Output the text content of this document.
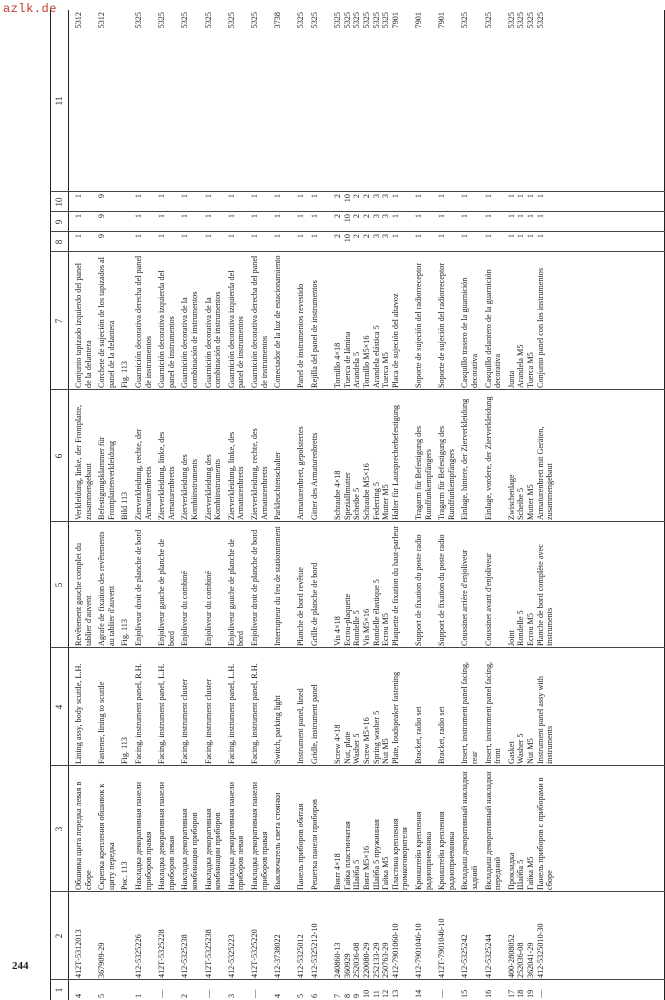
azlk.de
244
1
2
3
4
5
6
7
8
9
10
11
4
412Т-5312013
Обшивка щита передка левая в сборе
Lining assy, body scuttle, L.H.
Revêtement gauche complet du tablier d'auvent
Verkleidung, linke, der Frontplatte, zusammengebaut
Conjunto tapizado izquierdo del panel de la delantera
1
1
1
5312
5
367909-29
Скрепка крепления обшивок к щиту передка
Fastener, lining to scuttle
Agrafe de fixation des revêtements au tablier d'auvent
Befestigungsklammer für Frontplattenverkleidung
Corchete de sujeción de los tapizados al panel de la delantera
9
9
9
5312
Рис. 113
Fig. 113
Fig. 113
Bild 113
Fig. 113
1
412-5325226
Накладка декоративная панели приборов правая
Facing, instrument panel, R.H.
Enjoliveur droit de planche de bord
Zierverkleidung, rechte, der Armaturenbretts
Guarnición decorativa derecha del panel de instrumentos
1
1
1
5325
—
412Т-5325228
Накладка декоративная панели приборов левая
Facing, instrument panel, L.H.
Enjoliveur gauche de planche de bord
Zierverkleidung, linke, des Armaturenbretts
Guarnición decorativa izquierda del panel de instrumentos
1
1
1
5325
2
412-5325238
Накладка декоративная комбинации приборов
Facing, instrument cluster
Enjoliveur du combiné
Zierverkleidung des Kombiinstruments
Guarnición decorativa de la combinación de instrumentos
1
1
1
5325
—
412Т-5325238
Накладка декоративная комбинации приборов
Facing, instrument cluster
Enjoliveur du combiné
Zierverkleidung des Kombiinstruments
Guarnición decorativa de la combinación de instrumentos
1
1
1
5325
3
412-5325223
Накладка декоративная панели приборов левая
Facing, instrument panel, L.H.
Enjoliveur gauche de planche de bord
Zierverkleidung, linke, des Armaturenbretts
Guarnición decorativa izquierda del panel de instrumentos
1
1
1
5325
—
412Т-5325220
Накладка декоративная панели приборов правая
Facing, instrument panel, R.H.
Enjoliveur droit de planche de bord
Zierverkleidung, rechte, des Armaturenbretts
Guarnición decorativa derecha del panel de instrumentos
1
1
1
5325
4
412-3738022
Выключатель света стоянки
Switch, parking light
Interrupteur du feu de stationnement
Parkleuchtenschalter
Conectador de la luz de estacionamiento
1
1
1
3738
5
412-5325012
Панель приборов обитая
Instrument panel, lined
Planche de bord revêtue
Armaturenbrett, gepolstertes
Panel de instrumentos revestido
1
1
1
5325
6
412-5325212-10
Решетка панели приборов
Gridle, instrument panel
Grille de planche de bord
Gitter des Armaturenbretts
Rejilla del panel de instrumentos
1
1
1
5325
7
8
9
10
11
12
13
240860-13
360929
252036-08
220080-29
252133-29
250763-29
412-7901060-10
Винт 4×18
Гайка пластинчатая
Шайба 5
Винт М5×16
Шайба 5 пружинная
Гайка М5
Пластина крепления громкоговорителя
Screw 4×18
Nut, plate
Washer 5
Screw M5×16
Spring washer 5
Nut M5
Plate, loudspeaker fastening
Vis 4×18
Ecrou-plaquette
Rondelle 5
Vis M5×16
Rondelle élastique 5
Ecrou M5
Plaquette de fixation du haut-parleur
Schraube 4×18
Speziallmutter
Scheibe 5
Schraube M5×16
Federring 5
Mutter M5
Halter für Lautsprecherbefestigung
Tornillo 4×18
Tuerca de lámina
Arandela 5
Tornillo M5×16
Arandela elástica 5
Tuerca M5
Placa de sujeción del altavoz
2
10
2
2
3
3
1
2
10
2
2
3
3
1
2
10
2
2
3
3
1
5325
5325
5325
5325
5325
5325
7901
14
412-7901046-10
Кронштейн крепления радиоприемника
Bracket, radio set
Support de fixation du poste radio
Tragarm für Befestigung des Rundfunkempfängers
Soporte de sujeción del radiorreceptor
1
1
1
7901
—
412Т-7901046-10
Кронштейн крепления радиоприемника
Bracket, radio set
Support de fixation du poste radio
Tragarm für Befestigung des Rundfunkempfängers
Soporte de sujeción del radiorreceptor
1
1
1
7901
15
412-5325242
Вкладыш декоративный накладки задний
Insert, instrument panel facing, rear
Coussinet arrière d'enjoliveur
Einlage, hintere, der Zierverkleidung
Casquillo trasero de la guarnición decorativa
1
1
1
5325
16
412-5325244
Вкладыш декоративный накладки передний
Insert, instrument panel facing, front
Coussinet avant d'enjoliveur
Einlage, vordere, der Zierverkleidung
Casquillo delantero de la guarnición decorativa
1
1
1
5325
17
18
19
—
400-2808052
252036-08
362041-29
412-5325010-30
Прокладка
Шайба 5
Гайка М5
Панель приборов с приборами в сборе
Gasket
Washer 5
Nut M5
Instrument panel assy with instruments
Joint
Rondelle 5
Ecrou M5
Planche de bord complète avec instruments
Zwischenlage
Scheibe 5
Mutter M5
Armaturenbrett mit Geräten, zusammengebaut
Junta
Arandela M5
Tuerca M5
Conjunto panel con los instrumentos
1
1
1
1
1
1
1
1
1
1
1
1
5325
5325
5325
5325
